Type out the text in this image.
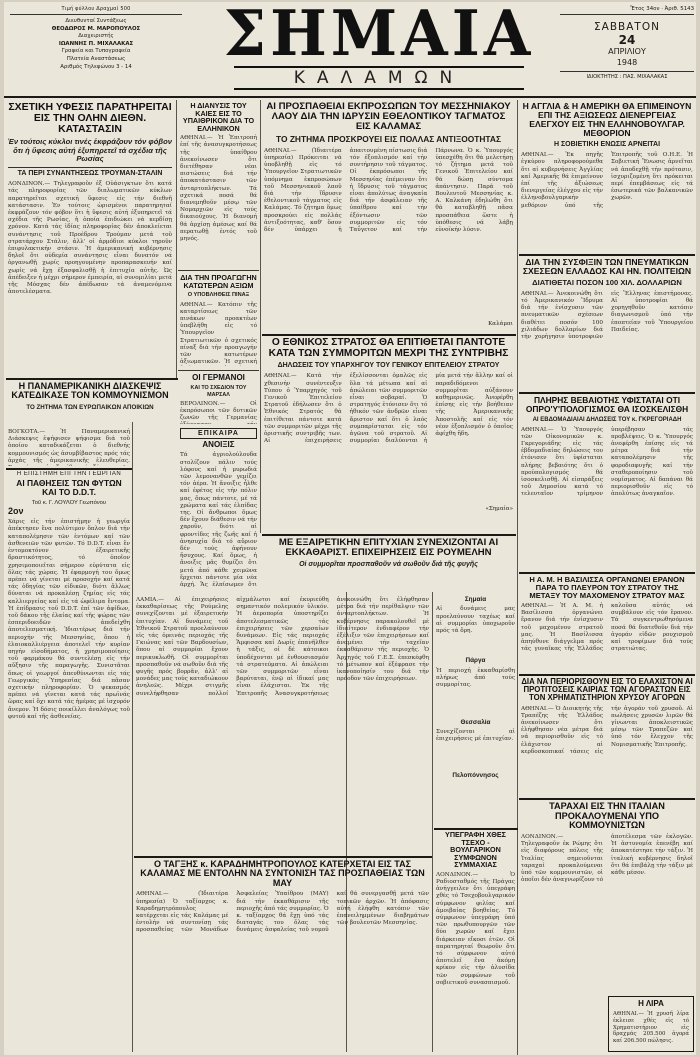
Τιμή φύλλου Δραχμαί 500
Διευθυνταί Συντάξεως
ΘΕΟΔΩΡΟΣ Μ. ΜΑΡΟΠΟΥΛΟΣ
Διαχειριστής
ΙΩΑΝΝΗΣ Π. ΜΙΧΑΛΑΚΑΣ
Γραφεία και Τυπογραφεία
Πλατεία Αναστάσεως
Αριθμός Τηλεφώνου 3 - 14	ΣΗΜΑΙΑ
ΚΑΛΑΜΩΝ
Ἔτος 34ον · Ἀριθ. 5143
ΣΑΒΒΑΤΟΝ
24
ΑΠΡΙΛΙΟΥ
1948
ΙΔΙΟΚΤΗΤΗΣ : ΠΑΣ. ΜΙΧΑΛΑΚΑΣ
ΣΧΕΤΙΚΗ ΥΦΕΣΙΣ ΠΑΡΑΤΗΡΕΙΤΑΙ ΕΙΣ ΤΗΝ ΟΛΗΝ ΔΙΕΘΝ. ΚΑΤΑΣΤΑΣΙΝ
Ἐν τούτοις κύκλοι τινές ἐκφράζουν τόν φόβον ὅτι ἡ ὕφεσις αὐτή ἐξυπηρετεῖ τά σχέδια τῆς Ρωσίας
ΤΑ ΠΕΡΙ ΣΥΝΑΝΤΗΣΕΩΣ ΤΡΟΥΜΑΝ-ΣΤΑΛΙΝ
ΛΟΝΔΙΝΟΝ.— Τηλεγραφοῦν ἐξ Οὐάσιγκτων ὅτι κατά τάς πληροφορίας τῶν διπλωματικῶν κύκλων παρατηρεῖται σχετική ὕφεσις εἰς τήν διεθνῆ κατάστασιν. Ἐν τούτοις ὡρισμένοι παρατηρηταί ἐκφράζουν τόν φόβον ὅτι ἡ ὕφεσις αὐτή ἐξυπηρετεῖ τά σχέδια τῆς Ρωσίας, ἡ ὁποία ἐπιδιώκει νά κερδίσῃ χρόνον. Κατά τάς ἰδίας πληροφορίας δέν ἀποκλείεται συνάντησις τοῦ Προέδρου Τρούμαν μετά τοῦ στρατάρχου Στάλιν, ἀλλ' οἱ ἁρμόδιοι κύκλοι τηροῦν ἐπιφυλακτικήν στάσιν. Ἡ ἀμερικανική κυβέρνησις δηλοῖ ὅτι οὐδεμία συνάντησις εἶναι δυνατόν νά ὀργανωθῇ χωρίς προηγουμένην προπαρασκευήν καί χωρίς νά ἔχῃ ἐξασφαλισθῇ ἡ ἐπιτυχία αὐτῆς. Ὡς ἀπέδειξεν ἡ μέχρι σήμερον ἐμπειρία, αἱ συνομιλίαι μετά τῆς Μόσχας δέν ἀπέδωσαν τά ἀναμενόμενα ἀποτελέσματα.
Η ΔΙΑΝΥΣΙΣ ΤΟΥ ΚΑΙΕΣ ΕΙΣ ΤΟ ΥΠΑΙΘΡΙΚΟΝ ΔΙΑ ΤΟ ΕΛΛΗΝΙΚΟΝ
ΑΘΗΝΑΙ.— Ἡ Ἐπιτροπή ἐπί τῆς ἀνασυγκροτήσεως τῆς ὑπαίθρου ἀνεκοίνωσεν ὅτι διετέθησαν νέαι πιστώσεις διά τήν ἀποκατάστασιν τῶν ἀνταρτοπλήκτων. Τά σχετικά ποσά θά διανεμηθοῦν μέσῳ τῶν Νομαρχιῶν εἰς τούς δικαιούχους. Ἡ διανομή θά ἀρχίσῃ ἀμέσως καί θά περατωθῇ ἐντός τοῦ μηνός.
ΔΙΑ ΤΗΝ ΠΡΟΑΓΩΓΗΝ ΚΑΤΩΤΕΡΩΝ ΑΞΙΩΜ
Ο ΥΠΟΒΛΗΘΕΙΣ ΠΙΝΑΞ
ΑΘΗΝΑΙ.— Κατόπιν τῆς καταρτίσεως τῶν πινάκων προακτέων ὑπεβλήθη εἰς τό Ὑπουργεῖον Στρατιωτικῶν ὁ σχετικός πίναξ διά τήν προαγωγήν τῶν κατωτέρων ἀξιωματικῶν. Ἡ σχετική
ΟΙ ΓΕΡΜΑΝΟΙ
ΚΑΙ ΤΟ ΣΧΕΔΙΟΝ ΤΟΥ ΜΑΡΣΑΛ
ΒΕΡΟΛΙΝΟΝ.— Οἱ ἐκπρόσωποι τῶν δυτικῶν ζωνῶν τῆς Γερμανίας
ΕΠΙΚΑΙΡΑ
ΑΝΟΙΞΙΣ
Τά ἀγριολούλουδα στολίζουν πάλιν τούς λόφους καί ἡ μυρωδιά τῶν λεμονανθῶν γεμίζει τόν ἀέρα. Ἡ ἄνοιξις ἦλθε καί ἐφέτος εἰς τήν πόλιν μας, ὅπως πάντοτε, μέ τά χρώματα καί τάς ἐλπίδας της. Οἱ ἄνθρωποι ὅμως δέν ἔχουν διάθεσιν νά τήν χαροῦν, διότι αἱ φροντίδες τῆς ζωῆς καί ἡ ἀνησυχία διά τό αὔριον δέν τούς ἀφήνουν ἥσυχους. Καί ὅμως, ἡ ἄνοιξις μᾶς θυμίζει ὅτι μετά ἀπό κάθε χειμῶνα ἔρχεται πάντοτε μία νέα ἀρχή. Ἄς ἐλπίσωμεν ὅτι
ΑΙ ΠΡΟΣΠΑΘΕΙΑΙ ΕΚΠΡΟΣΩΠΩΝ ΤΟΥ ΜΕΣΣΗΝΙΑΚΟΥ ΛΑΟΥ ΔΙΑ ΤΗΝ ΙΔΡΥΣΙΝ ΕΘΕΛΟΝΤΙΚΟΥ ΤΑΓΜΑΤΟΣ ΕΙΣ ΚΑΛΑΜΑΣ
ΤΟ ΖΗΤΗΜΑ ΠΡΟΣΚΡΟΥΕΙ ΕΙΣ ΠΟΛΛΑΣ ΑΝΤΙΞΟΟΤΗΤΑΣ
ΑΘΗΝΑΙ.— (Ἰδιαιτέρα ὑπηρεσία) Πρόκειται νά ὑποβληθῇ εἰς τό Ὑπουργεῖον Στρατιωτικῶν ὑπόμνημα ἐκπροσώπων τοῦ Μεσσηνιακοῦ λαοῦ διά τήν ἵδρυσιν ἐθελοντικοῦ τάγματος εἰς Καλάμας. Τό ζήτημα ὅμως προσκρούει εἰς πολλάς ἀντιξοότητας, καθ' ὅσον δέν ὑπάρχει ἡ ἀπαιτουμένη πίστωσις διά τόν ἐξοπλισμόν καί τήν συντήρησιν τοῦ τάγματος. Οἱ ἐκπρόσωποι τῆς Μεσσηνίας ἐπέμειναν ὅτι ἡ ἵδρυσις τοῦ τάγματος εἶναι ἀπολύτως ἀναγκαία διά τήν ἀσφάλειαν τῆς ὑπαίθρου καί τήν ἐξόντωσιν τῶν συμμοριτῶν εἰς τόν Ταΰγετον καί τήν Πάρνωνα. Ὁ κ. Ὑπουργός ὑπεσχέθη ὅτι θά μελετήσῃ τό ζήτημα μετά τοῦ Γενικοῦ Ἐπιτελείου καί θά δώσῃ σύντομα ἀπάντησιν. Παρά τοῦ Βουλευτοῦ Μεσσηνίας κ. Α. Καλκάνη ἐδηλώθη ὅτι θά καταβληθῇ πᾶσα προσπάθεια ὥστε ἡ ὑπόθεσις νά λάβῃ εὐνοϊκήν λύσιν.
Καλάμαι
Η ΑΓΓΛΙΑ & Η ΑΜΕΡΙΚΗ ΘΑ ΕΠΙΜΕΙΝΟΥΝ ΕΠΙ ΤΗΣ ΑΞΙΩΣΕΩΣ ΔΙΕΝΕΡΓΕΙΑΣ ΕΛΕΓΧΟΥ ΕΙΣ ΤΗΝ ΕΛΛΗΝΟΒΟΥΛΓΑΡ. ΜΕΘΟΡΙΟΝ
Η ΣΟΒΙΕΤΙΚΗ ΕΝΩΣΙΣ ΑΡΝΕΙΤΑΙ
ΑΘΗΝΑΙ.— Ἐκ πηγῆς ἐγκύρου πληροφορούμεθα ὅτι αἱ κυβερνήσεις Ἀγγλίας καί Ἀμερικῆς θά ἐπιμείνουν ἐπί τῆς ἀξιώσεως διενεργείας ἐλέγχου εἰς τήν ἑλληνοβουλγαρικήν μεθόριον ὑπό τῆς Ἐπιτροπῆς τοῦ Ο.Η.Ε. Ἡ Σοβιετική Ἕνωσις ἀρνεῖται νά ἀποδεχθῇ τήν πρότασιν, ἰσχυριζομένη ὅτι πρόκειται περί ἐπεμβάσεως εἰς τά ἐσωτερικά τῶν βαλκανικῶν χωρῶν.
ΔΙΑ ΤΗΝ ΣΥΣΦΙΞΙΝ ΤΩΝ ΠΝΕΥΜΑΤΙΚΩΝ ΣΧΕΣΕΩΝ ΕΛΛΑΔΟΣ ΚΑΙ ΗΝ. ΠΟΛΙΤΕΙΩΝ
ΔΙΑΤΙΘΕΤΑΙ ΠΟΣΟΝ 100 ΧΙΛ. ΔΟΛΛΑΡΙΩΝ
ΑΘΗΝΑΙ.— Ἀνεκοινώθη ὅτι τό Ἀμερικανικόν Ἵδρυμα διά τήν ἐνίσχυσιν τῶν πνευματικῶν σχέσεων διαθέτει ποσόν 100 χιλιάδων δολλαρίων διά τήν χορήγησιν ὑποτροφιῶν εἰς Ἕλληνας ἐπιστήμονας. Αἱ ὑποτροφίαι θά χορηγηθοῦν κατόπιν διαγωνισμοῦ ὑπό τήν ἐποπτείαν τοῦ Ὑπουργείου Παιδείας.
Η ΠΑΝΑΜΕΡΙΚΑΝΙΚΗ ΔΙΑΣΚΕΨΙΣ ΚΑΤΕΔΙΚΑΣΕ ΤΟΝ ΚΟΜΜΟΥΝΙΣΜΟΝ
ΤΟ ΖΗΤΗΜΑ ΤΩΝ ΕΥΡΩΠΑΙΚΩΝ ΑΠΟΙΚΙΩΝ
ΒΟΓΚΟΤΑ.— Ἡ Παναμερικανική Διάσκεψις ἐψήφισεν ψήφισμα διά τοῦ ὁποίου καταδικάζεται ὁ διεθνής κομμουνισμός ὡς ἀσυμβίβαστος πρός τάς ἀρχάς τῆς ἀμερικανικῆς ἐλευθερίας.
Η ΕΠΙΣΤΗΜΗ ΕΠΙ ΤΗΝ ΓΕΩΡΓΙΑΝ
ΑΙ ΠΑΘΗΣΕΙΣ ΤΩΝ ΦΥΤΩΝ ΚΑΙ ΤΟ D.D.T.
Τοῦ κ. Γ. ΛΟΥΛΟΥ Γεωπόνου
2ον
Χάρις εἰς τήν ἐπιστήμην ἡ γεωργία ἀπέκτησεν ἕνα πολύτιμον ὅπλον διά τήν καταπολέμησιν τῶν ἐντόμων καί τῶν ἀσθενειῶν τῶν φυτῶν. Τό D.D.T. εἶναι ἕν ἐντομοκτόνον ἐξαιρετικῆς δραστικότητος, τό ὁποῖον χρησιμοποιεῖται σήμερον εὐρύτατα εἰς ὅλας τάς χώρας. Ἡ ἐφαρμογή του ὅμως πρέπει νά γίνεται μέ προσοχήν καί κατά τάς ὁδηγίας τῶν εἰδικῶν, διότι ἄλλως δύναται νά προκαλέσῃ ζημίας εἰς τάς καλλιεργείας καί εἰς τά ὠφέλιμα ἔντομα. Ἡ ἐπίδρασις τοῦ D.D.T. ἐπί τῶν ἀφίδων, τοῦ δάκου τῆς ἐλαίας καί τῆς ψώρας τῶν ἐσπεριδοειδῶν ἀπεδείχθη ἀποτελεσματική. Ἰδιαιτέρως διά τήν περιοχήν τῆς Μεσσηνίας, ὅπου ἡ ἐλαιοκαλλιέργεια ἀποτελεῖ τήν κυρίαν πηγήν εἰσοδήματος, ἡ χρησιμοποίησις τοῦ φαρμάκου θά συντελέσῃ εἰς τήν αὔξησιν τῆς παραγωγῆς. Συνιστᾶται ὅπως οἱ γεωργοί ἀπευθύνωνται εἰς τάς Γεωργικάς Ὑπηρεσίας διά πᾶσαν σχετικήν πληροφορίαν. Ὁ ψεκασμός πρέπει νά γίνεται κατά τάς πρωϊνάς ὥρας καί ὄχι κατά τάς ἡμέρας μέ ἰσχυρόν ἄνεμον. Ἡ δόσις ποικίλλει ἀναλόγως τοῦ φυτοῦ καί τῆς ἀσθενείας.
Ο ΕΘΝΙΚΟΣ ΣΤΡΑΤΟΣ ΘΑ ΕΠΙΤΙΘΕΤΑΙ ΠΑΝΤΟΤΕ ΚΑΤΑ ΤΩΝ ΣΥΜΜΟΡΙΤΩΝ ΜΕΧΡΙ ΤΗΣ ΣΥΝΤΡΙΒΗΣ
ΔΗΛΩΣΕΙΣ ΤΟΥ ΥΠΑΡΧΗΓΟΥ ΤΟΥ ΓΕΝΙΚΟΥ ΕΠΙΤΕΛΕΙΟΥ ΣΤΡΑΤΟΥ
ΑΘΗΝΑΙ.— Κατά τήν χθεσινήν συνέντευξιν Τύπου ὁ Ὑπαρχηγός τοῦ Γενικοῦ Ἐπιτελείου Στρατοῦ ἐδήλωσεν ὅτι ὁ Ἐθνικός Στρατός θά ἐπιτίθεται πάντοτε κατά τῶν συμμοριτῶν μέχρι τῆς ὁριστικῆς συντριβῆς των. Αἱ ἐπιχειρήσεις ἐξελίσσονται ὁμαλῶς εἰς ὅλα τά μέτωπα καί αἱ ἀπώλειαι τῶν συμμοριτῶν εἶναι σοβαραί. Ὁ στρατηγός ἐτόνισεν ὅτι τό ἠθικόν τῶν ἀνδρῶν εἶναι ἄριστον καί ὅτι ὁ λαός συμπαρίσταται εἰς τόν ἀγῶνα τοῦ στρατοῦ. Αἱ συμμορίαι διαλύονται ἡ μία μετά τήν ἄλλην καί οἱ παραδιδόμενοι συμμορῖται αὐξάνουν καθημερινῶς. Ἀνεφέρθη ἐπίσης εἰς τήν βοήθειαν τῆς Ἀμερικανικῆς Ἀποστολῆς καί εἰς τόν νέον ἐξοπλισμόν ὁ ὁποῖος ἀφίχθη ἤδη.
«Σημαία»
ΠΛΗΡΗΣ ΒΕΒΑΙΟΤΗΣ ΥΦΙΣΤΑΤΑΙ ΟΤΙ ΟΠΡΟ'Υ'ΠΟΛΟΓΙΣΜΟΣ ΘΑ ΙΣΟΣΚΕΛΙΣΘΗ
ΑΙ ΕΒΔΟΜΑΔΙΑΙΑΙ ΔΗΛΩΣΕΙΣ ΤΟΥ κ. ΓΚΡΕΓΟΡΙΑΔΗ
ΑΘΗΝΑΙ.— Ὁ Ὑπουργός τῶν Οἰκονομικῶν κ. Γκρεγοριάδης εἰς τάς ἑβδομαδιαίας δηλώσεις του ἐτόνισεν ὅτι ὑφίσταται πλήρης βεβαιότης ὅτι ὁ προϋπολογισμός θά ἰσοσκελισθῇ. Αἱ εἰσπράξεις τοῦ Δημοσίου κατά τό τελευταῖον τρίμηνον ὑπερέβησαν τάς προβλέψεις. Ὁ κ. Ὑπουργός ἀνεφέρθη ἐπίσης εἰς τά μέτρα διά τήν καταπολέμησιν τῆς φοροδιαφυγῆς καί τήν σταθεροποίησιν τοῦ νομίσματος. Αἱ δαπάναι θά περιορισθοῦν εἰς τό ἀπολύτως ἀναγκαῖον.
Η Α. Μ. Η ΒΑΣΙΛΙΣΣΑ ΟΡΓΑΝΩΝΕΙ ΕΡΑΝΟΝ ΠΑΡΑ ΤΟ ΠΛΕΥΡΟΝ ΤΟΥ ΣΤΡΑΤΟΥ ΤΗΣ ΜΕΤΑΞΥ ΤΟΥ ΜΑΧΟΜΕΝΟΥ ΣΤΡΑΤΟΥ ΜΑΣ
ΑΘΗΝΑΙ.— Ἡ Α. Μ. ἡ Βασίλισσα ὀργανώνει ἔρανον διά τήν ἐνίσχυσιν τοῦ μαχομένου στρατοῦ μας. Ἡ Βασίλισσα ἀπηύθυνε διάγγελμα πρός τάς γυναῖκας τῆς Ἑλλάδος καλοῦσα αὐτάς νά συμβάλουν εἰς τόν ἔρανον. Τά συγκεντρωθησόμενα ποσά θά διατεθοῦν διά τήν ἀγοράν εἰδῶν ρουχισμοῦ καί τροφίμων διά τούς στρατιώτας.
ΜΕ ΕΞΑΙΡΕΤΙΚΗΝ ΕΠΙΤΥΧΙΑΝ ΣΥΝΕΧΙΖΟΝΤΑΙ ΑΙ ΕΚΚΑΘΑΡΙΣΤ. ΕΠΙΧΕΙΡΗΣΕΙΣ ΕΙΣ ΡΟΥΜΕΛΗΝ
Οἱ συμμορῖται προσπαθοῦν νά σωθοῦν διά τῆς φυγῆς
ΛΑΜΙΑ.— Αἱ ἐπιχειρήσεις ἐκκαθαρίσεως τῆς Ρούμελης συνεχίζονται μέ ἐξαιρετικήν ἐπιτυχίαν. Αἱ δυνάμεις τοῦ Ἐθνικοῦ Στρατοῦ προελαύνουν εἰς τάς ὀρεινάς περιοχάς τῆς Γκιώνας καί τῶν Βαρδουσίων, ὅπου αἱ συμμορίαι ἔχουν περικυκλωθῆ. Οἱ συμμορῖται προσπαθοῦν νά σωθοῦν διά τῆς φυγῆς πρός βορρᾶν, ἀλλ' αἱ μονάδες μας τούς καταδιώκουν ἀνηλεῶς. Μέχρι στιγμῆς συνελήφθησαν πολλοί αἰχμάλωτοι καί ἐκυριεύθη σημαντικόν πολεμικόν ὑλικόν. Ἡ ἀεροπορία ὑποστηρίζει ἀποτελεσματικῶς τάς ἐπιχειρήσεις τῶν χερσαίων δυνάμεων. Εἰς τάς περιοχάς Ἄμφισσα καί Δωρίς ἐπανῆλθεν ἡ τάξις, οἱ δέ κάτοικοι ὑποδέχονται μέ ἐνθουσιασμόν τά στρατεύματα. Αἱ ἀπώλειαι τῶν συμμοριτῶν εἶναι βαρύταται, ἐνῷ αἱ ἰδικαί μας εἶναι ἐλάχισται. Ἐκ τῆς Ἐπιτροπῆς Ἀνασυγκροτήσεως ἀνεκοινώθη ὅτι ἐλήφθησαν μέτρα διά τήν περίθαλψιν τῶν ἀνταρτοπλήκτων. Ἡ κυβέρνησις παρακολουθεῖ μέ ἰδιαίτερον ἐνδιαφέρον τήν ἐξέλιξιν τῶν ἐπιχειρήσεων καί ἀναμένει τήν ταχεῖαν ἐκκαθάρισιν τῆς περιοχῆς. Ὁ Ἀρχηγός τοῦ Γ.Ε.Σ. ἐπεσκέφθη τό μέτωπον καί ἐξέφρασε τήν ἱκανοποίησίν του διά τήν πρόοδον τῶν ἐπιχειρήσεων.
ΥΠΕΓΡΑΦΗ ΧΘΕΣ ΤΣΕΧΟ - ΒΟΥΛΓΑΡΙΚΟΝ ΣΥΜΦΩΝΟΝ ΣΥΜΜΑΧΙΑΣ
ΛΟΝΔΙΝΟΝ.— Ὁ Ραδιοσταθμός τῆς Πράγας ἀνήγγειλεν ὅτι ὑπεγράφη χθές τό Τσεχοβουλγαρικόν σύμφωνον φιλίας καί ἀμοιβαίας βοηθείας. Τό σύμφωνον ὑπεγράφη ὑπό τῶν πρωθυπουργῶν τῶν δύο χωρῶν καί ἔχει διάρκειαν εἴκοσι ἐτῶν. Οἱ παρατηρηταί θεωροῦν ὅτι τό σύμφωνον αὐτό ἀποτελεῖ ἕνα ἀκόμη κρίκον εἰς τήν ἁλυσίδα τῶν συμφώνων τοῦ σοβιετικοῦ συνασπισμοῦ.
Ο ΤΑΓΞΗΣ κ. ΚΑΡΑΔΗΜΗΤΡΟΠΟΥΛΟΣ ΚΑΤΕΡΧΕΤΑΙ ΕΙΣ ΤΑΣ ΚΑΛΑΜΑΣ ΜΕ ΕΝΤΟΛΗΝ ΝΑ ΣΥΝΤΟΝΙΣΗ ΤΑΣ ΠΡΟΣΠΑΘΕΙΑΣ ΤΩΝ ΜΑΥ
ΑΘΗΝΑΙ.— (Ἰδιαιτέρα ὑπηρεσία) Ὁ ταξίαρχος κ. Καραδημητρόπουλος κατέρχεται εἰς τάς Καλάμας μέ ἐντολήν νά συντονίσῃ τάς προσπαθείας τῶν Μονάδων Ἀσφαλείας Ὑπαίθρου (ΜΑΥ) διά τήν ἐκκαθάρισιν τῆς περιοχῆς ἀπό τάς συμμορίας. Ὁ κ. ταξίαρχος θά ἔχῃ ὑπό τάς διαταγάς του ὅλας τάς δυνάμεις ἀσφαλείας τοῦ νομοῦ καί θά συνεργασθῇ μετά τῶν τοπικῶν ἀρχῶν. Ἡ ἀπόφασις αὐτή ἐλήφθη κατόπιν τῶν ἐπανειλημμένων διαβημάτων τῶν βουλευτῶν Μεσσηνίας.
ΔΙΑ ΝΑ ΠΕΡΙΟΡΙΣΘΟΥΝ ΕΙΣ ΤΟ ΕΛΑΧΙΣΤΟΝ ΑΙ ΠΡΟΤΙΤΟΣΕΙΣ ΚΑΙΡΙΑΣ ΤΩΝ ΑΓΟΡΑΣΤΩΝ ΕΙΣ ΤΟΝ ΧΡΗΜΑΤΙΣΤΗΡΙΟΝ ΧΡΥΣΟΥ ΑΓΟΡΩΝ
ΑΘΗΝΑΙ.— Ὁ Διοικητής τῆς Τραπέζης τῆς Ἑλλάδος ἀνεκοίνωσεν ὅτι ἐλήφθησαν νέα μέτρα διά νά περιορισθοῦν εἰς τό ἐλάχιστον αἱ κερδοσκοπικαί τάσεις εἰς τήν ἀγοράν τοῦ χρυσοῦ. Αἱ πωλήσεις χρυσῶν λιρῶν θά γίνωνται ἀποκλειστικῶς μέσῳ τῶν Τραπεζῶν καί ὑπό τόν ἔλεγχον τῆς Νομισματικῆς Ἐπιτροπῆς.
ΤΑΡΑΧΑΙ ΕΙΣ ΤΗΝ ΙΤΑΛΙΑΝ ΠΡΟΚΑΛΟΥΜΕΝΑΙ ΥΠΟ ΚΟΜΜΟΥΝΙΣΤΩΝ
ΛΟΝΔΙΝΟΝ.— Τηλεγραφοῦν ἐκ Ρώμης ὅτι εἰς διαφόρους πόλεις τῆς Ἰταλίας σημειοῦνται ταραχαί προκαλούμεναι ὑπό τῶν κομμουνιστῶν, οἱ ὁποῖοι δέν ἀναγνωρίζουν τό ἀποτέλεσμα τῶν ἐκλογῶν. Ἡ ἀστυνομία ἐπενέβη καί ἀποκατέστησε τήν τάξιν. Ἡ ἰταλική κυβέρνησις δηλοῖ ὅτι θά ἐπιβάλῃ τήν τάξιν μέ κάθε μέσον.
Η ΛΙΡΑ
ΑΘΗΝΑΙ.— Ἡ χρυσῆ λίρα ἐκλεισε χθές εἰς τό Χρηματιστήριον εἰς δραχμάς 205.500 ἀγορά καί 206.500 πώλησις.
Σημαία
Αἱ δυνάμεις μας προελαύνουν ταχέως καί αἱ συμμορίαι ὑποχωροῦν πρός τά ὄρη.
Πάργα
Ἡ περιοχή ἐκκαθαρίσθη πλήρως ἀπό τούς συμμορίτας.
Θεσσαλία
Συνεχίζονται αἱ ἐπιχειρήσεις μέ ἐπιτυχίαν.
Πελοπόννησος
